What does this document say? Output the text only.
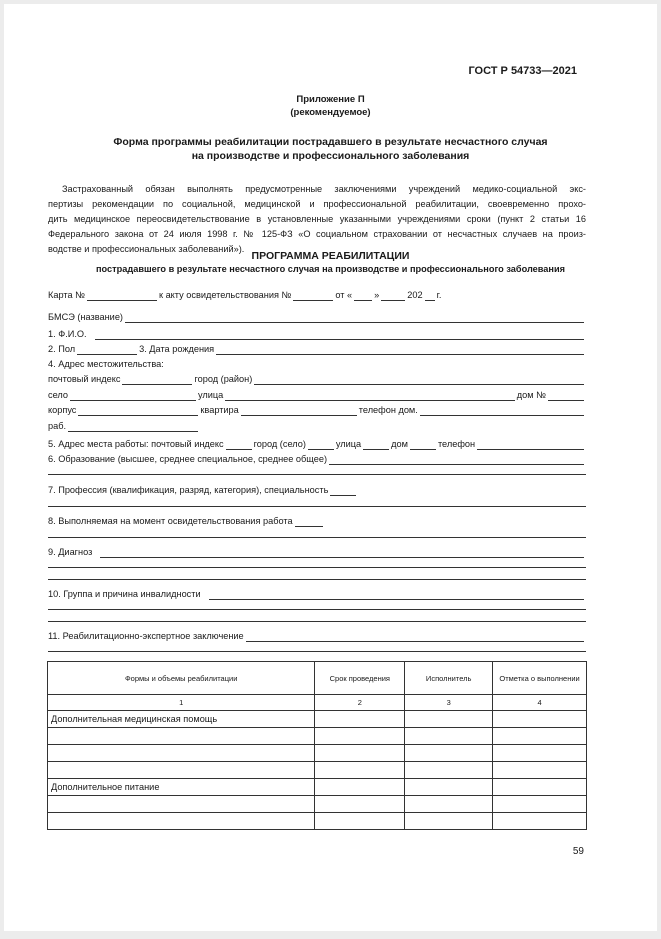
ГОСТ Р 54733—2021
Приложение П
(рекомендуемое)
Форма программы реабилитации пострадавшего в результате несчастного случая
на производстве и профессионального заболевания
Застрахованный обязан выполнять предусмотренные заключениями учреждений медико-социальной экс-
пертизы рекомендации по социальной, медицинской и профессиональной реабилитации, своевременно прохо-
дить медицинское переосвидетельствование в установленные указанными учреждениями сроки (пункт 2 статьи 16
Федерального закона от 24 июля 1998 г. № 125-ФЗ «О социальном страховании от несчастных случаев на произ-
водстве и профессиональных заболеваний»).
ПРОГРАММА РЕАБИЛИТАЦИИ
пострадавшего в результате несчастного случая на производстве и профессионального заболевания
Карта №	к акту освидетельствования №	от « »	202 г.
БМСЭ (название)
1. Ф.И.О.
2. Пол	3. Дата рождения
4. Адрес местожительства:
почтовый индекс	город (район)
село	улица	дом №
корпус	квартира	телефон дом.
раб.
5. Адрес места работы: почтовый индекс	город (село)	улица	дом	телефон
6. Образование (высшее, среднее специальное, среднее общее)
7. Профессия (квалификация, разряд, категория), специальность
8. Выполняемая на момент освидетельствования работа
9. Диагноз
10. Группа и причина инвалидности
11. Реабилитационно-экспертное заключение
Формы и объемы реабилитации	Срок проведения	Исполнитель	Отметка о выполнении
1	2	3	4
Дополнительная медицинская помощь			

Дополнительное питание			

59
